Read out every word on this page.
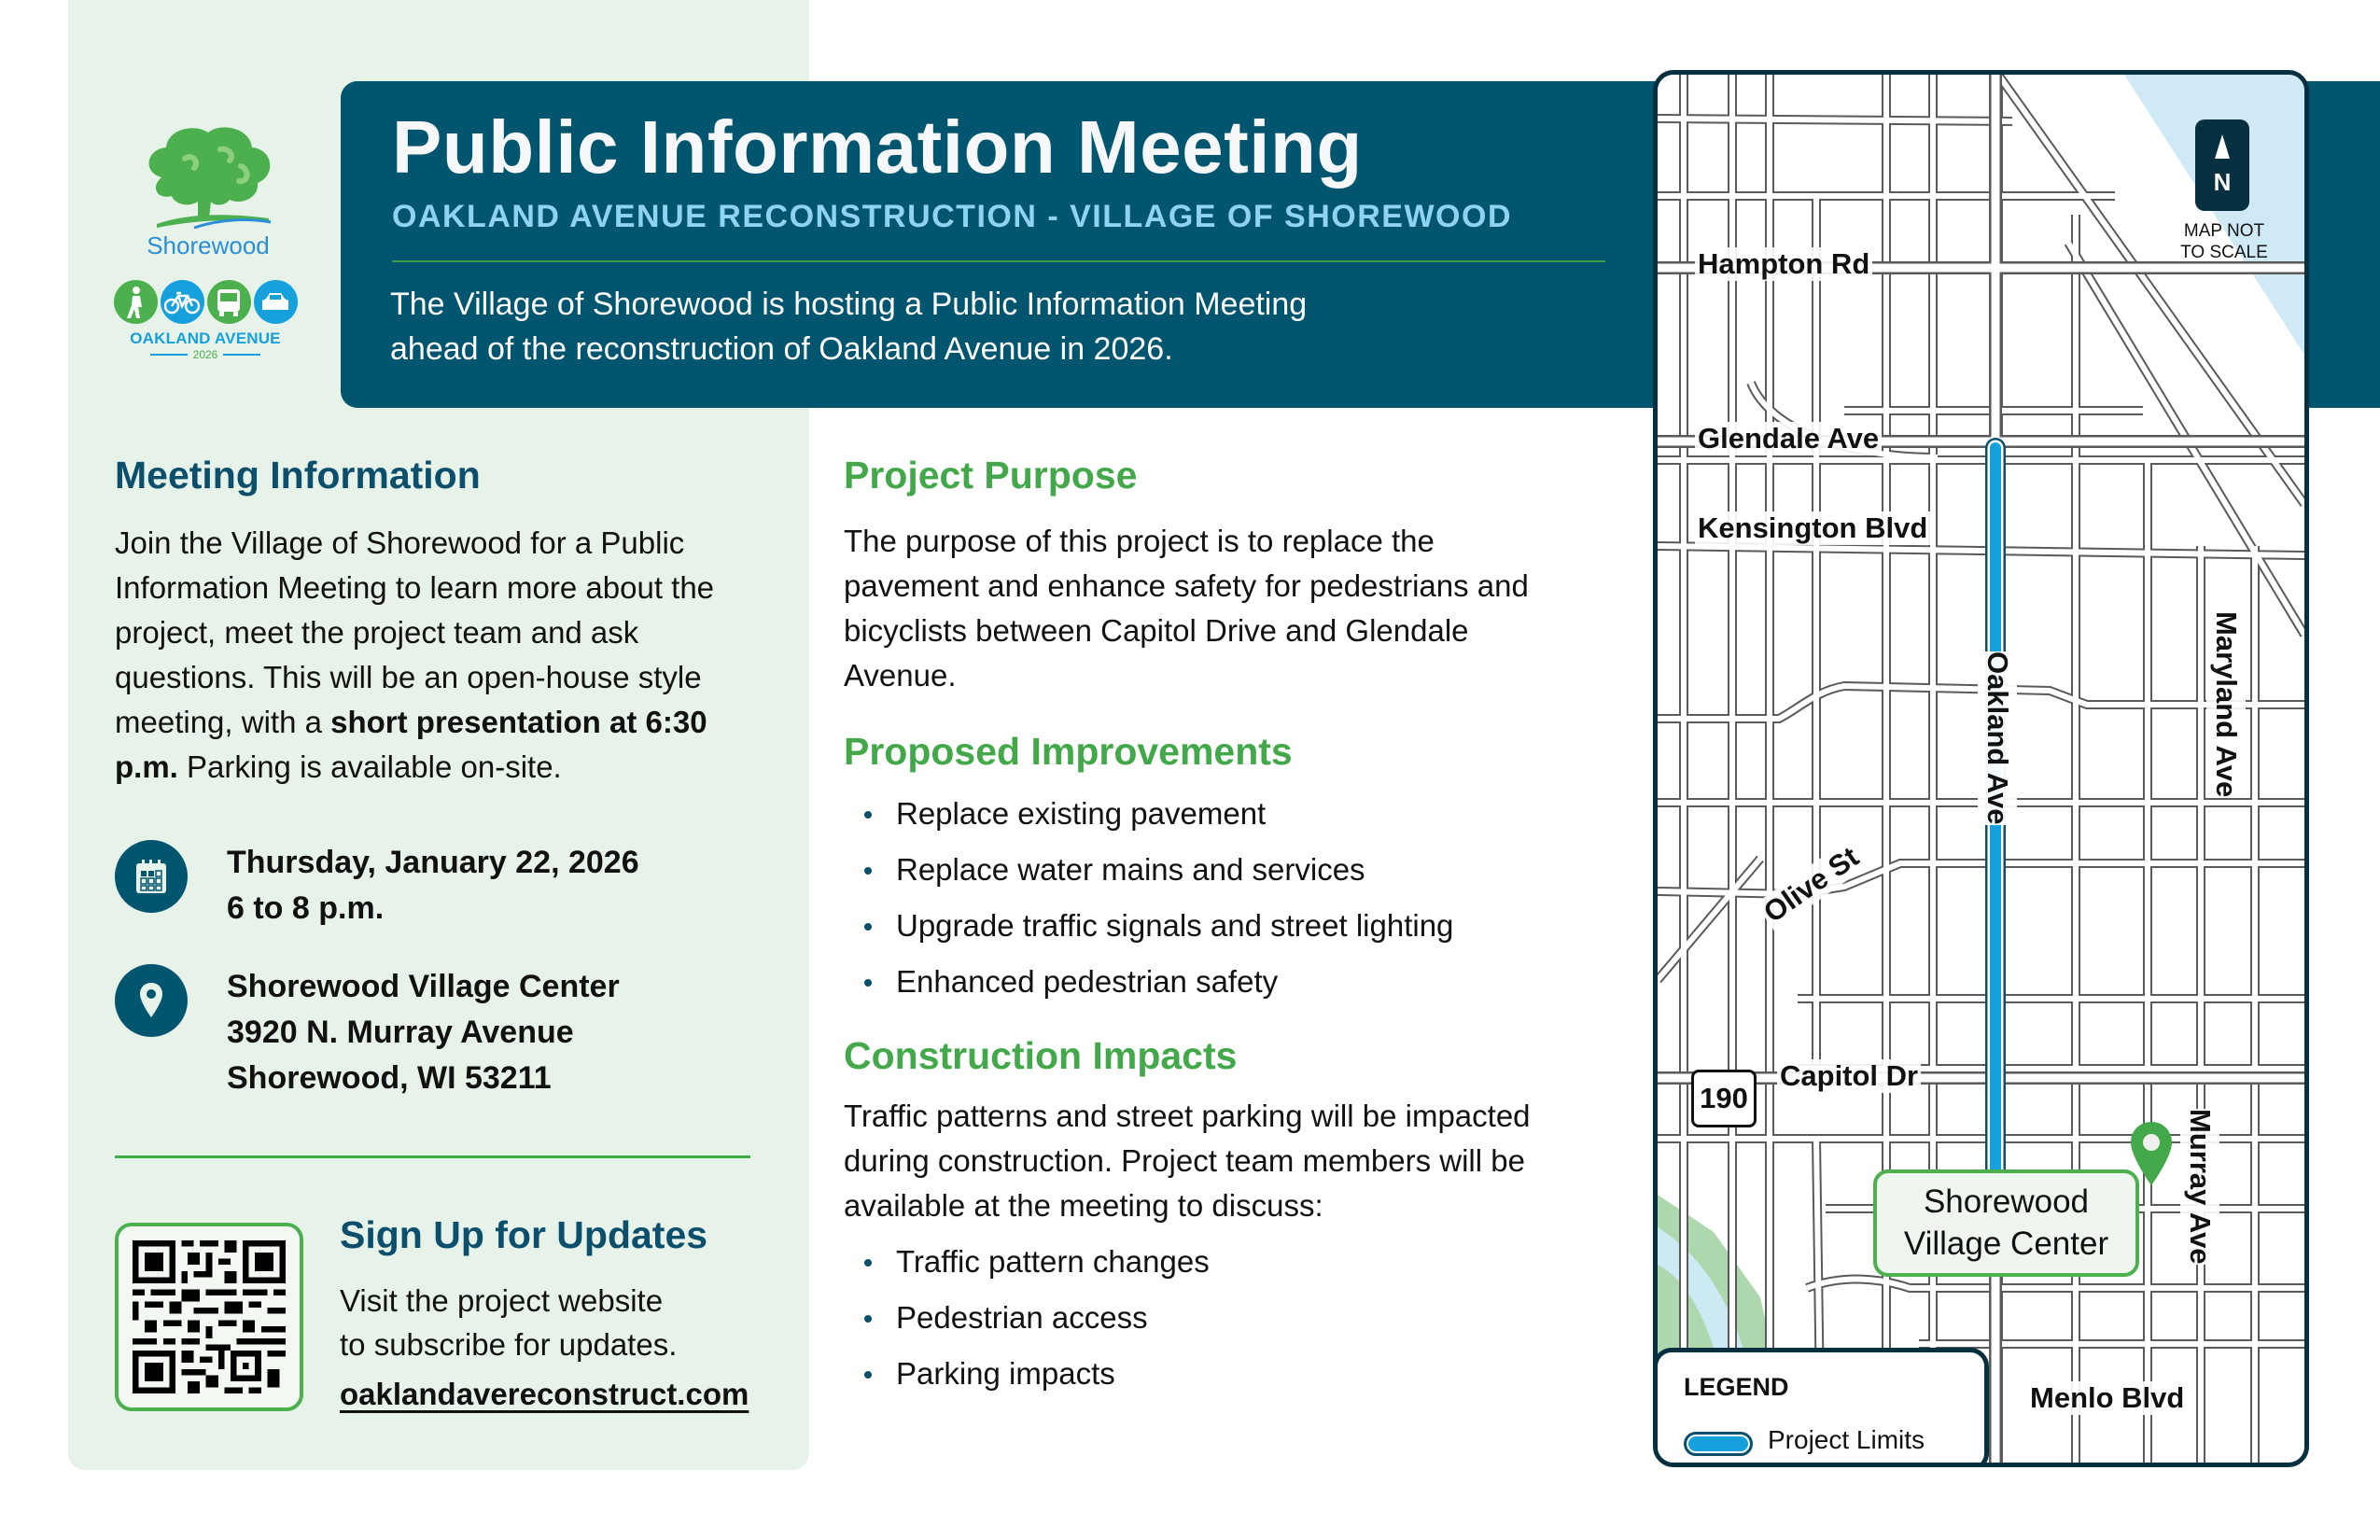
Shorewood
OAKLAND AVENUE
2026
Public Information Meeting
OAKLAND AVENUE RECONSTRUCTION - VILLAGE OF SHOREWOOD
The Village of Shorewood is hosting a Public Information Meeting
ahead of the reconstruction of Oakland Avenue in 2026.
Meeting Information

Join the Village of Shorewood for a Public Information Meeting to learn more about the project, meet the project team and ask questions. This will be an open-house style meeting, with a short presentation at 6:30 p.m. Parking is available on-site.

Thursday, January 22, 2026
6 to 8 p.m.
Shorewood Village Center
3920 N. Murray Avenue
Shorewood, WI 53211
Sign Up for Updates
Visit the project website
to subscribe for updates.
oaklandavereconstruct.com
Project Purpose

The purpose of this project is to replace the pavement and enhance safety for pedestrians and bicyclists between Capitol Drive and Glendale Avenue.

Proposed Improvements
Replace existing pavement
Replace water mains and services
Upgrade traffic signals and street lighting
Enhanced pedestrian safety
Construction Impacts

Traffic patterns and street parking will be impacted during construction. Project team members will be available at the meeting to discuss:

Traffic pattern changes
Pedestrian access
Parking impacts
N
MAP NOT
TO SCALE
Hampton Rd
Glendale Ave
Kensington Blvd
Oakland Ave	Maryland Ave
Olive St
Capitol Dr
Murray Ave
Menlo Blvd
190
Shorewood
Village Center
LEGEND
Project Limits
